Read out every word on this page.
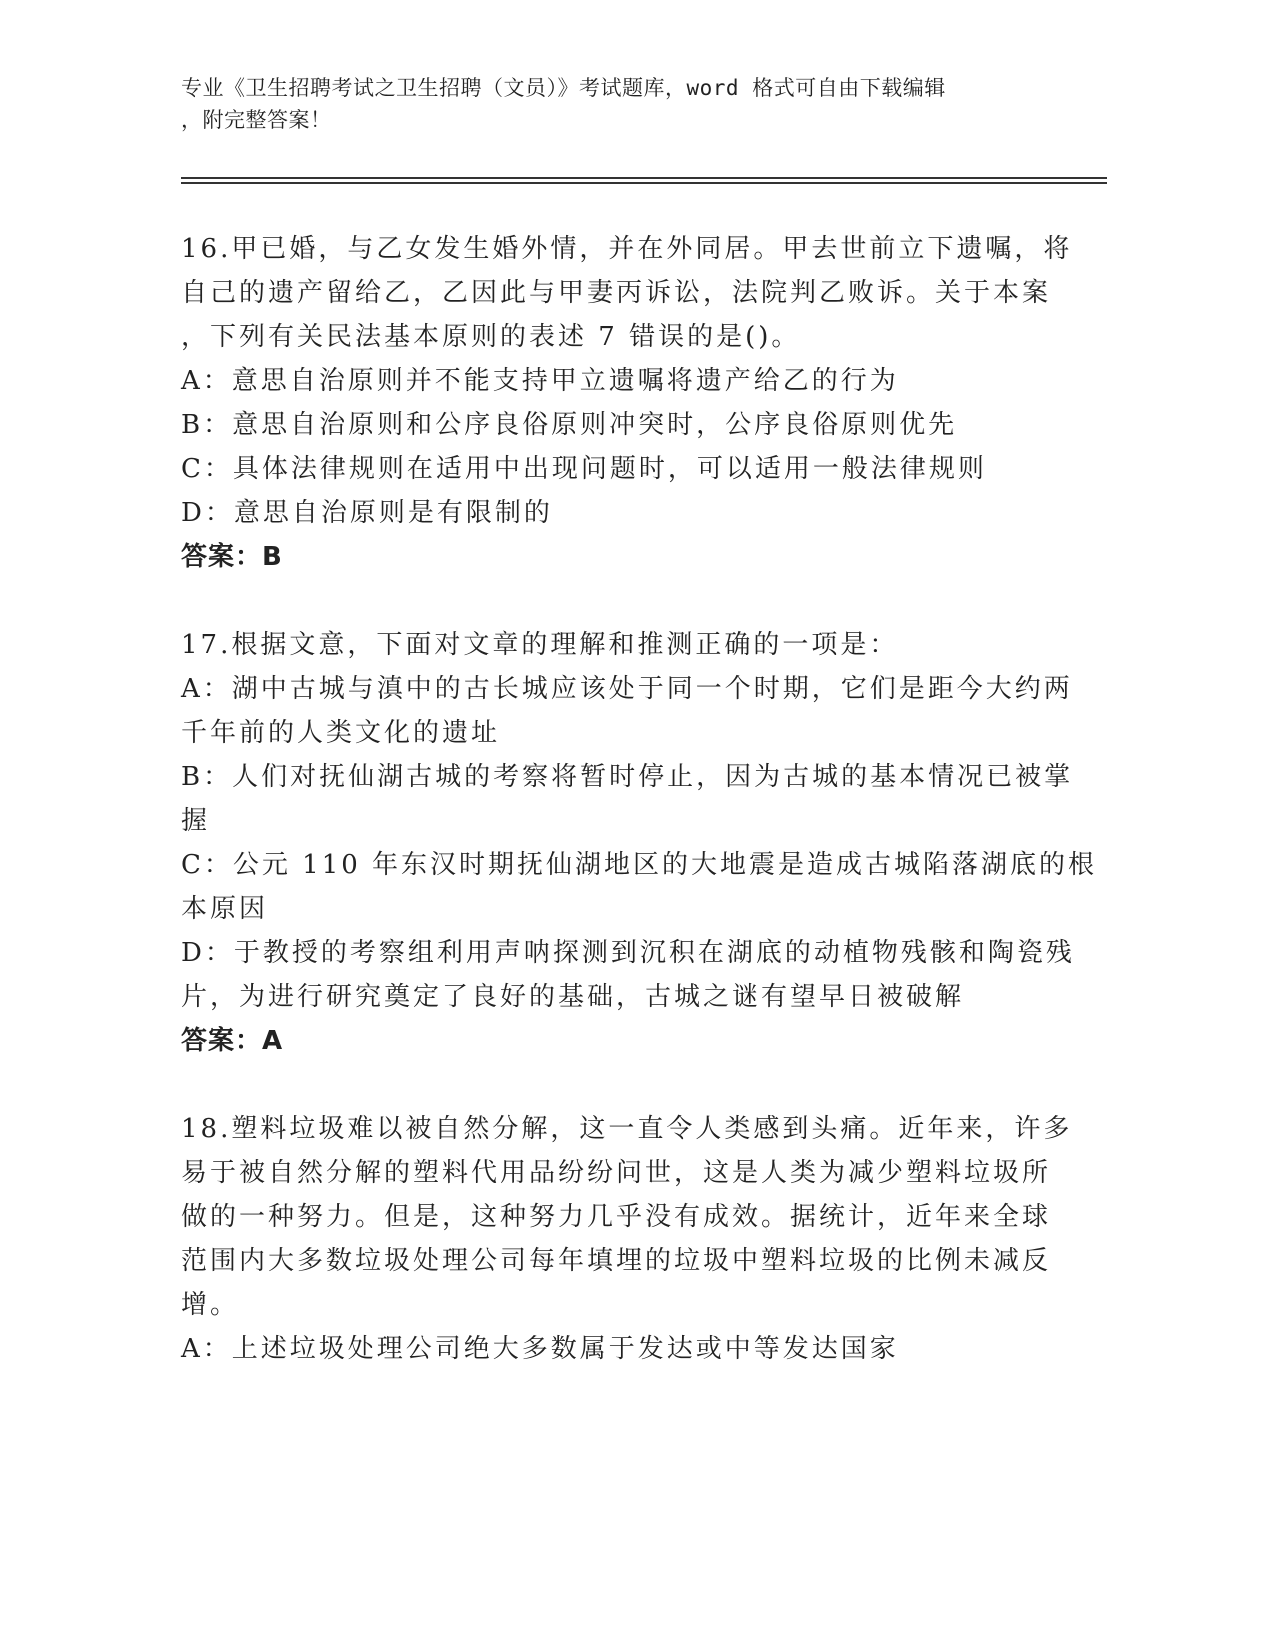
专业《卫生招聘考试之卫生招聘（文员）》考试题库，word 格式可自由下载编辑
，附完整答案！
16.甲已婚，与乙女发生婚外情，并在外同居。甲去世前立下遗嘱，将
自己的遗产留给乙，乙因此与甲妻丙诉讼，法院判乙败诉。关于本案
，下列有关民法基本原则的表述 7 错误的是()。
A：意思自治原则并不能支持甲立遗嘱将遗产给乙的行为
B：意思自治原则和公序良俗原则冲突时，公序良俗原则优先
C：具体法律规则在适用中出现问题时，可以适用一般法律规则
D：意思自治原则是有限制的
答案：B
17.根据文意，下面对文章的理解和推测正确的一项是：
A：湖中古城与滇中的古长城应该处于同一个时期，它们是距今大约两
千年前的人类文化的遗址
B：人们对抚仙湖古城的考察将暂时停止，因为古城的基本情况已被掌
握
C：公元 110 年东汉时期抚仙湖地区的大地震是造成古城陷落湖底的根
本原因
D：于教授的考察组利用声呐探测到沉积在湖底的动植物残骸和陶瓷残
片，为进行研究奠定了良好的基础，古城之谜有望早日被破解
答案：A
18.塑料垃圾难以被自然分解，这一直令人类感到头痛。近年来，许多
易于被自然分解的塑料代用品纷纷问世，这是人类为减少塑料垃圾所
做的一种努力。但是，这种努力几乎没有成效。据统计，近年来全球
范围内大多数垃圾处理公司每年填埋的垃圾中塑料垃圾的比例未减反
增。
A：上述垃圾处理公司绝大多数属于发达或中等发达国家
